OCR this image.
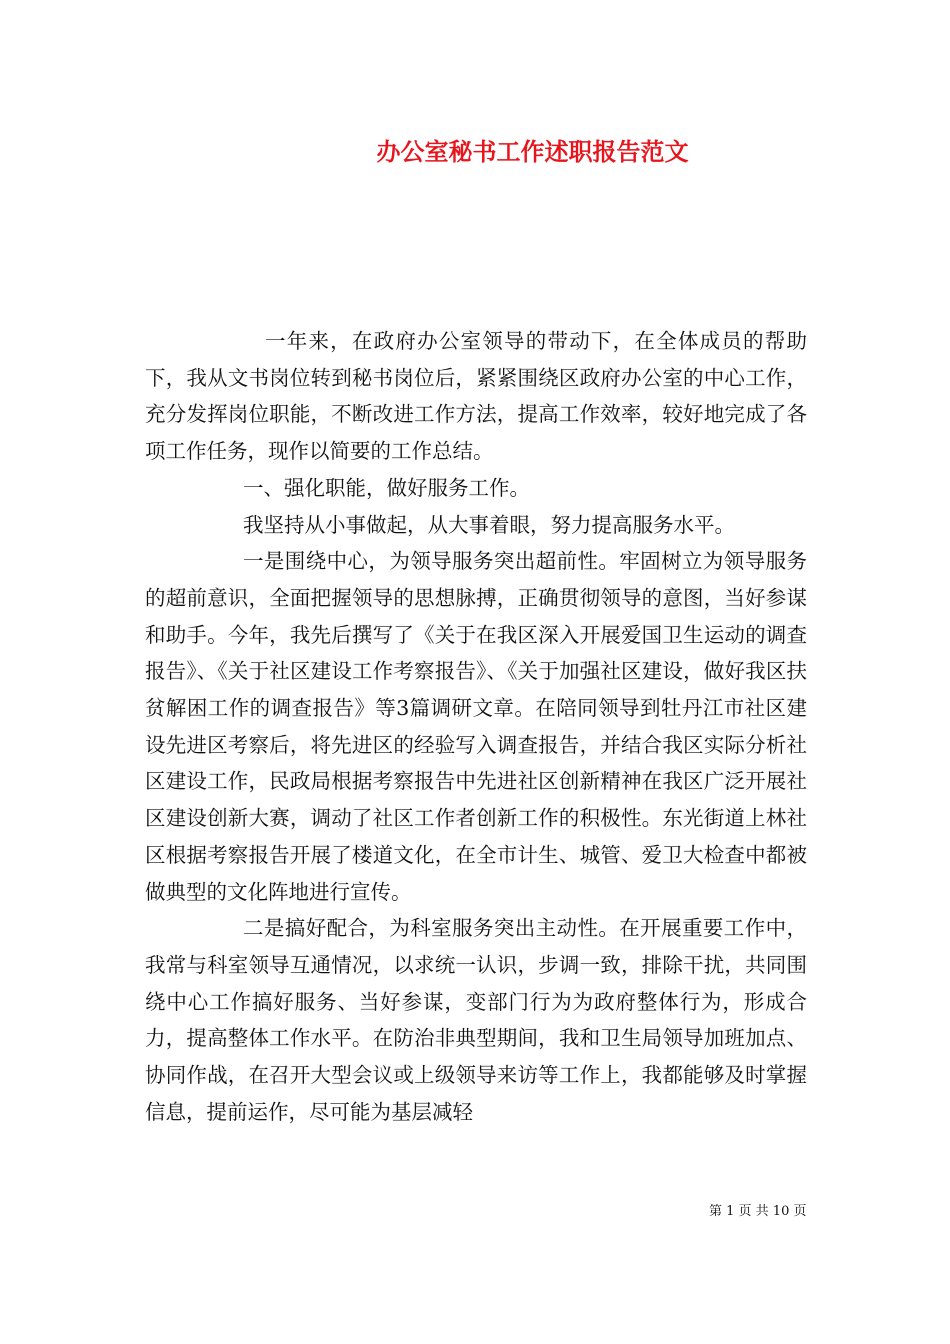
办公室秘书工作述职报告范文

一年来，在政府办公室领导的带动下，在全体成员的帮助下，我从文书岗位转到秘书岗位后，紧紧围绕区政府办公室的中心工作，充分发挥岗位职能，不断改进工作方法，提高工作效率，较好地完成了各项工作任务，现作以简要的工作总结。

一、强化职能，做好服务工作。

我坚持从小事做起，从大事着眼，努力提高服务水平。

一是围绕中心，为领导服务突出超前性。牢固树立为领导服务的超前意识，全面把握领导的思想脉搏，正确贯彻领导的意图，当好参谋和助手。今年，我先后撰写了《关于在我区深入开展爱国卫生运动的调查报告》、《关于社区建设工作考察报告》、《关于加强社区建设，做好我区扶贫解困工作的调查报告》等3篇调研文章。在陪同领导到牡丹江市社区建设先进区考察后，将先进区的经验写入调查报告，并结合我区实际分析社区建设工作，民政局根据考察报告中先进社区创新精神在我区广泛开展社区建设创新大赛，调动了社区工作者创新工作的积极性。东光街道上林社区根据考察报告开展了楼道文化，在全市计生、城管、爱卫大检查中都被做典型的文化阵地进行宣传。

二是搞好配合，为科室服务突出主动性。在开展重要工作中，我常与科室领导互通情况，以求统一认识，步调一致，排除干扰，共同围绕中心工作搞好服务、当好参谋，变部门行为为政府整体行为，形成合力，提高整体工作水平。在防治非典型期间，我和卫生局领导加班加点、协同作战，在召开大型会议或上级领导来访等工作上，我都能够及时掌握信息，提前运作，尽可能为基层减轻

第 1 页 共 10 页
